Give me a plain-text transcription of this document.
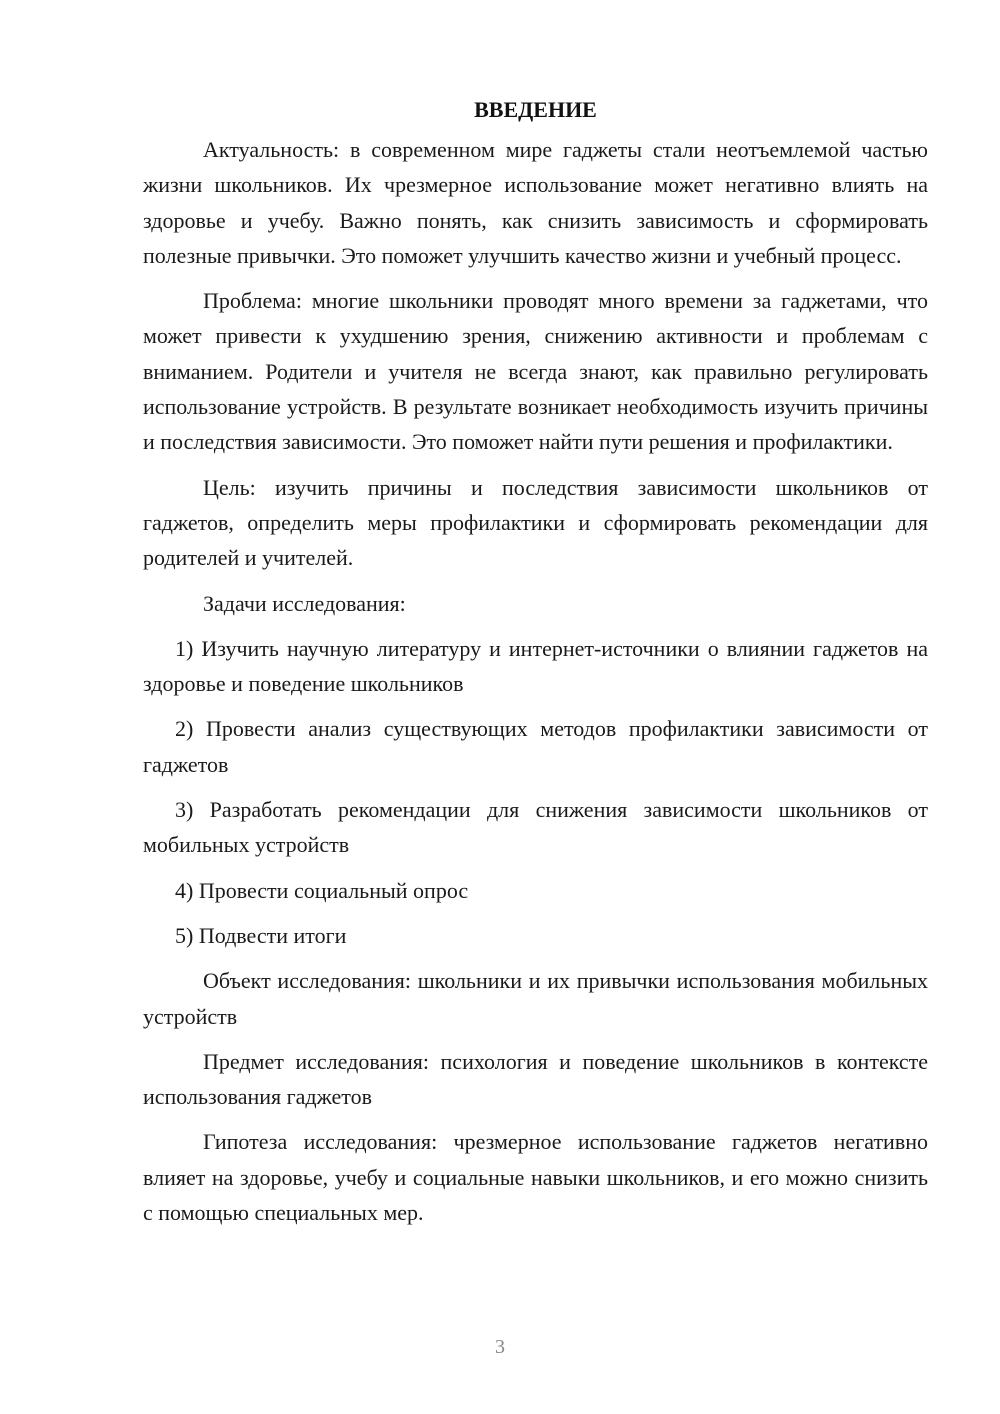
ВВЕДЕНИЕ

Актуальность: в современном мире гаджеты стали неотъемлемой частью жизни школьников. Их чрезмерное использование может негативно влиять на здоровье и учебу. Важно понять, как снизить зависимость и сформировать полезные привычки. Это поможет улучшить качество жизни и учебный процесс.

Проблема: многие школьники проводят много времени за гаджетами, что может привести к ухудшению зрения, снижению активности и проблемам с вниманием. Родители и учителя не всегда знают, как правильно регулировать использование устройств. В результате возникает необходимость изучить причины и последствия зависимости. Это поможет найти пути решения и профилактики.

Цель: изучить причины и последствия зависимости школьников от гаджетов, определить меры профилактики и сформировать рекомендации для родителей и учителей.

Задачи исследования:

1) Изучить научную литературу и интернет-источники о влиянии гаджетов на здоровье и поведение школьников

2) Провести анализ существующих методов профилактики зависимости от гаджетов

3) Разработать рекомендации для снижения зависимости школьников от мобильных устройств

4) Провести социальный опрос

5) Подвести итоги

Объект исследования: школьники и их привычки использования мобильных устройств

Предмет исследования: психология и поведение школьников в контексте использования гаджетов

Гипотеза исследования: чрезмерное использование гаджетов негативно влияет на здоровье, учебу и социальные навыки школьников, и его можно снизить с помощью специальных мер.

3
